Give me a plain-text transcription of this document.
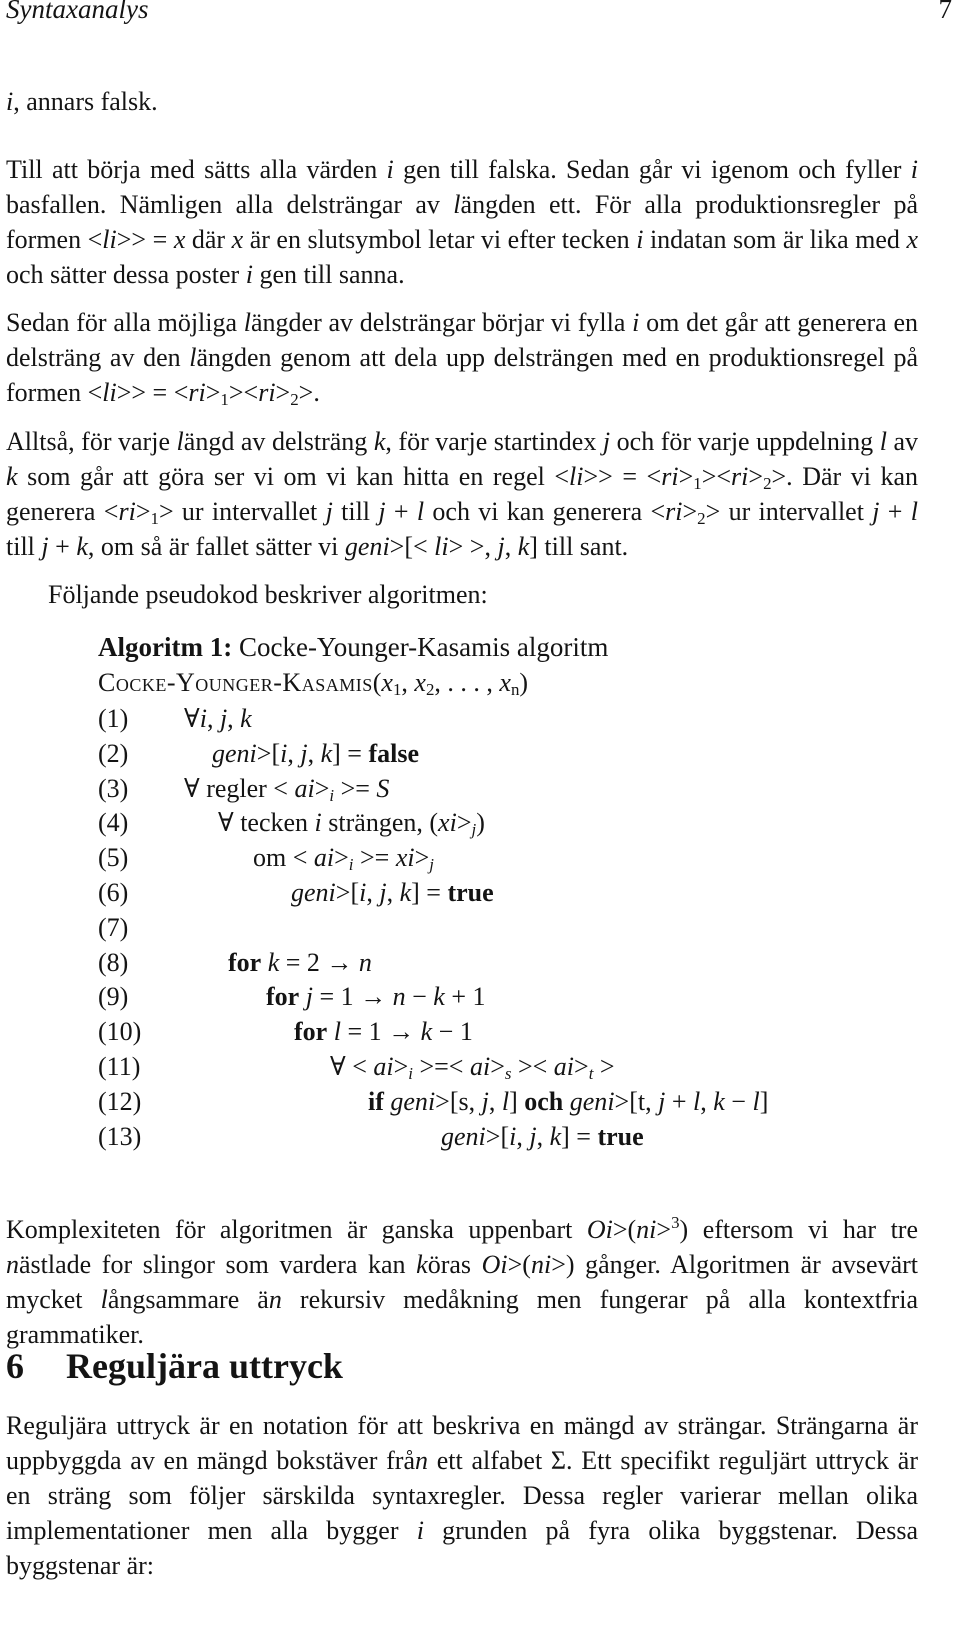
Syntaxanalys	7
i, annars falsk.
Till att börja med sätts alla värden i gen till falska. Sedan går vi igenom och fyller i basfallen. Nämligen alla delsträngar av längden ett. För alla produktionsregler på formen <li>> = x där x är en slutsymbol letar vi efter tecken i indatan som är lika med x och sätter dessa poster i gen till sanna.
Sedan för alla möjliga längder av delsträngar börjar vi fylla i om det går att generera en delsträng av den längden genom att dela upp delsträngen med en produktionsregel på formen $<li>> = <ri>_1><ri>_2>$.
Alltså, för varje längd av delsträng k, för varje startindex j och för varje uppdelning l av k som går att göra ser vi om vi kan hitta en regel $<li>> = <ri>_1><ri>_2>$. Där vi kan generera $<ri>_1>$ ur intervallet j till j + l och vi kan generera $<ri>_2>$ ur intervallet j + l till j + k, om så är fallet sätter vi geni>[< li> >, j, k] till sant.
Följande pseudokod beskriver algoritmen:
Algoritm 1: Cocke-Younger-Kasamis algoritm
Cocke-$Younger-Kasamis(x_1$, $x_2$, . . . , $x_n$)
(1) ∀i, j, k
(2)	geni>[i, j, k] = false
(3) ∀ regler < $ai>_i >= S$
(4)	∀ tecken i strängen, $(xi>_j)$
(5)	om < $ai>_i >= xi>_j$
(6)	geni>[i, j, k] = true
(7)
(8)	for k = 2 → n
(9)	for j = 1 → n − k + 1
(10)	for l = 1 → k − 1
(11)	∀ < $ai>_i$ >=< $ai>_s >< ai>_t$ >
(12)	if geni>[s, j, l] och geni>[t, j + l, k − l]
(13)	geni>[i, j, k] = true
Komplexiteten för algoritmen är ganska uppenbart Oi>(ni>$^3$) eftersom vi har tre nästlade for slingor som vardera kan köras Oi>(ni>) gånger. Algoritmen är avsevärt mycket långsammare än rekursiv medåkning men fungerar på alla kontextfria grammatiker.
6 Reguljära uttryck
Reguljära uttryck är en notation för att beskriva en mängd av strängar. Strängarna är uppbyggda av en mängd bokstäver från ett alfabet Σ. Ett specifikt reguljärt uttryck är en sträng som följer särskilda syntaxregler. Dessa regler varierar mellan olika implementationer men alla bygger i grunden på fyra olika byggstenar. Dessa byggstenar är:
